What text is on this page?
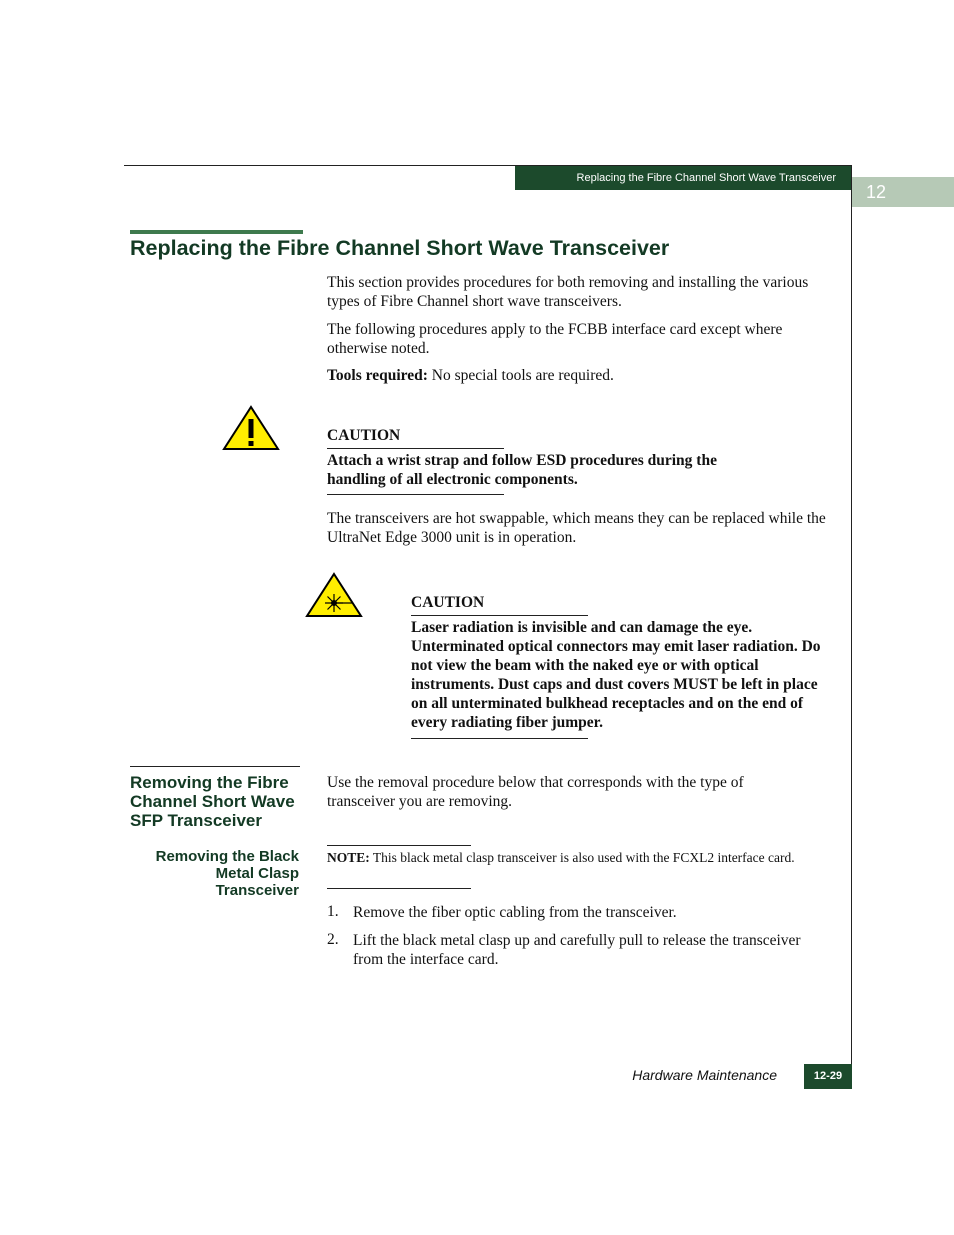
Replacing the Fibre Channel Short Wave Transceiver
12
Replacing the Fibre Channel Short Wave Transceiver
This section provides procedures for both removing and installing the various types of Fibre Channel short wave transceivers.
The following procedures apply to the FCBB interface card except where otherwise noted.
Tools required: No special tools are required.
CAUTION
Attach a wrist strap and follow ESD procedures during the handling of all electronic components.
The transceivers are hot swappable, which means they can be replaced while the UltraNet Edge 3000 unit is in operation.
CAUTION
Laser radiation is invisible and can damage the eye. Unterminated optical connectors may emit laser radiation. Do not view the beam with the naked eye or with optical instruments. Dust caps and dust covers MUST be left in place on all unterminated bulkhead receptacles and on the end of every radiating fiber jumper.
Removing the Fibre Channel Short Wave SFP Transceiver
Use the removal procedure below that corresponds with the type of transceiver you are removing.
Removing the Black Metal Clasp Transceiver
NOTE: This black metal clasp transceiver is also used with the FCXL2 interface card.
1. Remove the fiber optic cabling from the transceiver.
2. Lift the black metal clasp up and carefully pull to release the transceiver from the interface card.
Hardware Maintenance	12-29
